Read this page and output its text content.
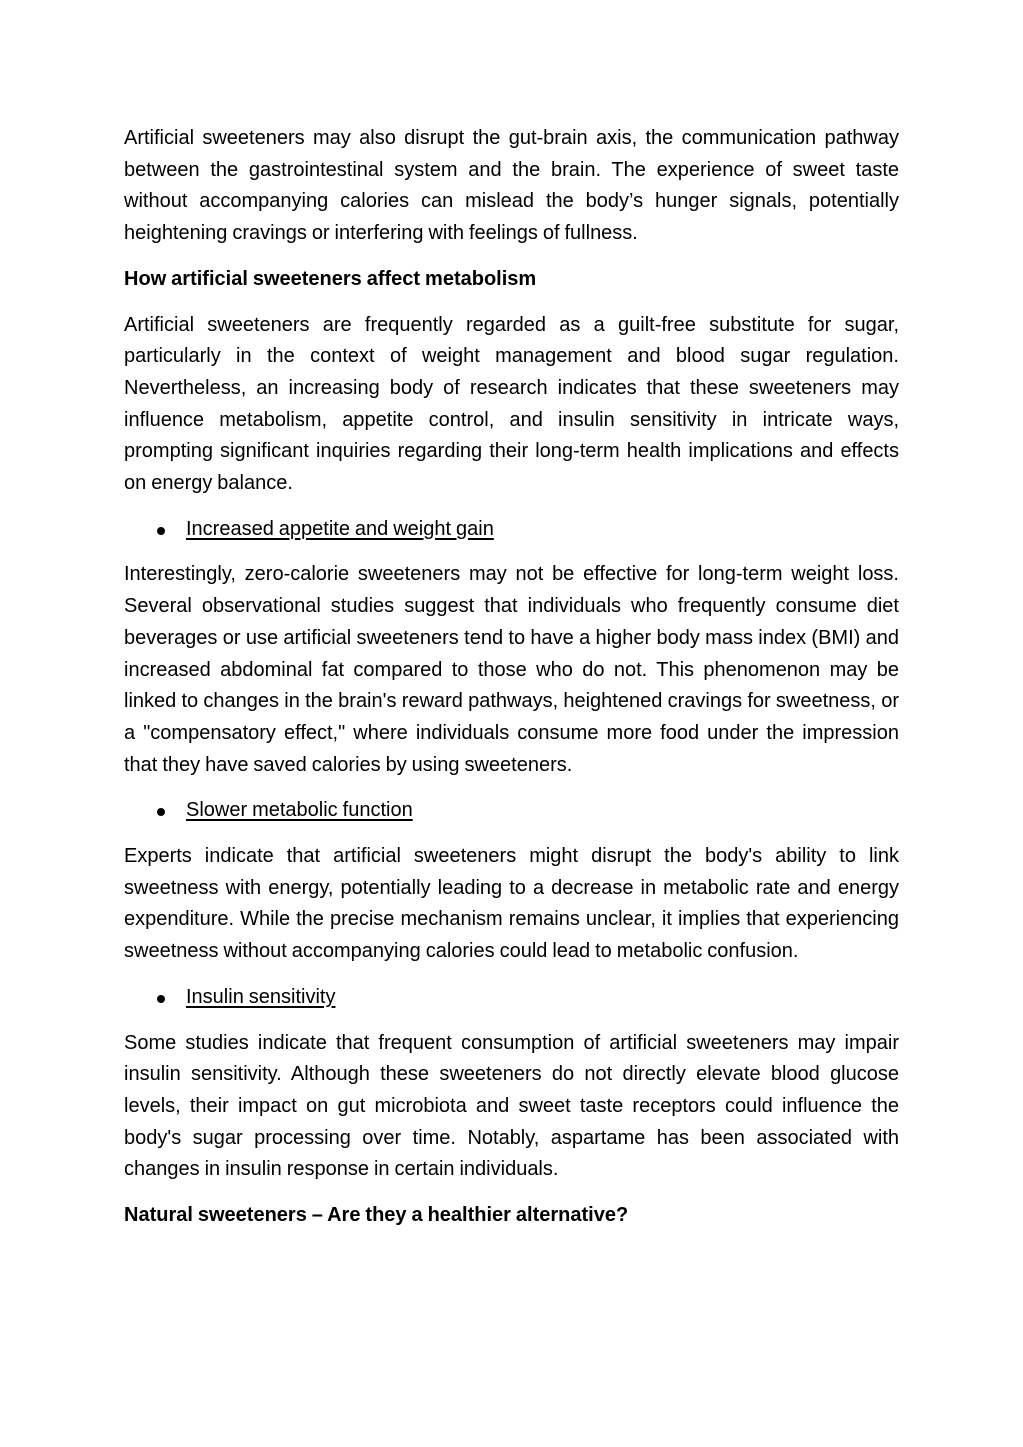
Artificial sweeteners may also disrupt the gut-brain axis, the communication pathway between the gastrointestinal system and the brain. The experience of sweet taste without accompanying calories can mislead the body’s hunger signals, potentially heightening cravings or interfering with feelings of fullness.

How artificial sweeteners affect metabolism

Artificial sweeteners are frequently regarded as a guilt-free substitute for sugar, particularly in the context of weight management and blood sugar regulation. Nevertheless, an increasing body of research indicates that these sweeteners may influence metabolism, appetite control, and insulin sensitivity in intricate ways, prompting significant inquiries regarding their long-term health implications and effects on energy balance.

Increased appetite and weight gain

Interestingly, zero-calorie sweeteners may not be effective for long-term weight loss. Several observational studies suggest that individuals who frequently consume diet beverages or use artificial sweeteners tend to have a higher body mass index (BMI) and increased abdominal fat compared to those who do not. This phenomenon may be linked to changes in the brain's reward pathways, heightened cravings for sweetness, or a "compensatory effect," where individuals consume more food under the impression that they have saved calories by using sweeteners.

Slower metabolic function

Experts indicate that artificial sweeteners might disrupt the body's ability to link sweetness with energy, potentially leading to a decrease in metabolic rate and energy expenditure. While the precise mechanism remains unclear, it implies that experiencing sweetness without accompanying calories could lead to metabolic confusion.

Insulin sensitivity

Some studies indicate that frequent consumption of artificial sweeteners may impair insulin sensitivity. Although these sweeteners do not directly elevate blood glucose levels, their impact on gut microbiota and sweet taste receptors could influence the body's sugar processing over time. Notably, aspartame has been associated with changes in insulin response in certain individuals.

Natural sweeteners – Are they a healthier alternative?
